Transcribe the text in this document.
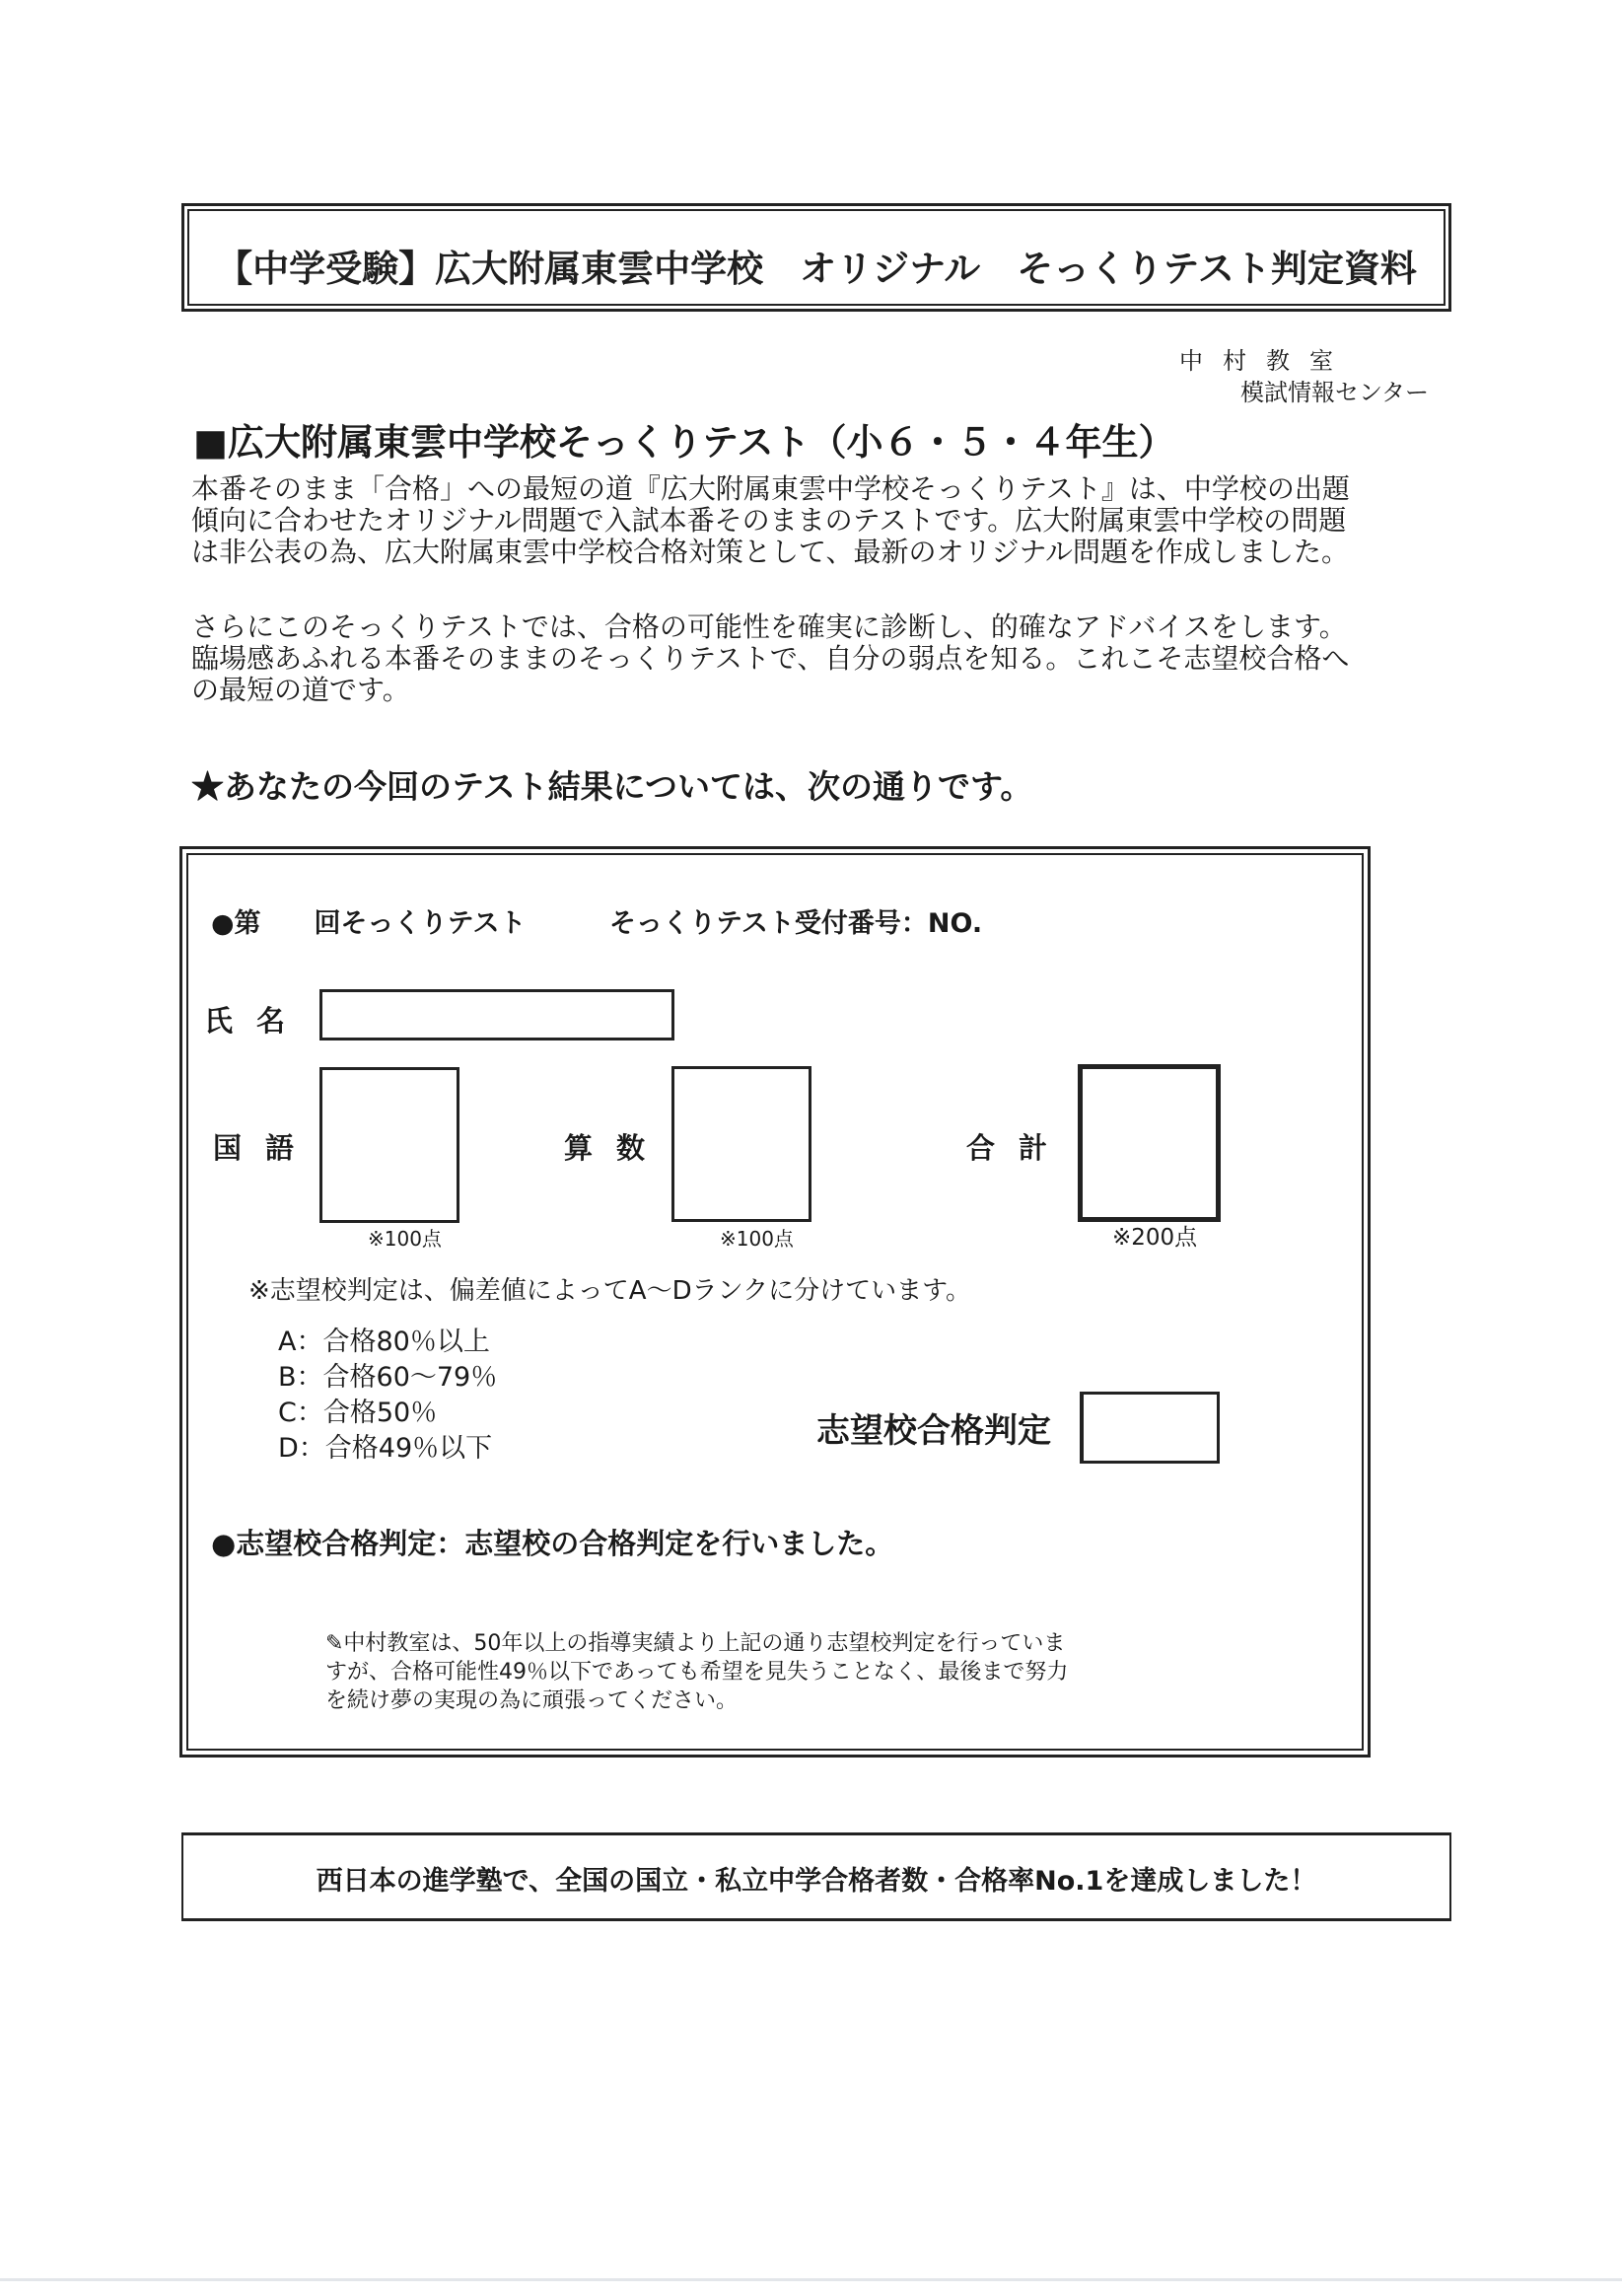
【中学受験】広大附属東雲中学校　オリジナル　そっくりテスト判定資料
中村教室
模試情報センター
■広大附属東雲中学校そっくりテスト（小６・５・４年生）
本番そのまま「合格」への最短の道『広大附属東雲中学校そっくりテスト』は、中学校の出題傾向に合わせたオリジナル問題で入試本番そのままのテストです。広大附属東雲中学校の問題は非公表の為、広大附属東雲中学校合格対策として、最新のオリジナル問題を作成しました。
さらにこのそっくりテストでは、合格の可能性を確実に診断し、的確なアドバイスをします。臨場感あふれる本番そのままのそっくりテストで、自分の弱点を知る。これこそ志望校合格への最短の道です。
★あなたの今回のテスト結果については、次の通りです。
●第　　回そっくりテスト	そっくりテスト受付番号：NO.
氏名
国語
※100点
算数
※100点
合計
※200点
※志望校判定は、偏差値によってA～Dランクに分けています。
A：合格80％以上
B：合格60～79％
C：合格50％
D：合格49％以下	志望校合格判定
●志望校合格判定：志望校の合格判定を行いました。
✎中村教室は、50年以上の指導実績より上記の通り志望校判定を行っていますが、合格可能性49％以下であっても希望を見失うことなく、最後まで努力を続け夢の実現の為に頑張ってください。
西日本の進学塾で、全国の国立・私立中学合格者数・合格率No.1を達成しました！
